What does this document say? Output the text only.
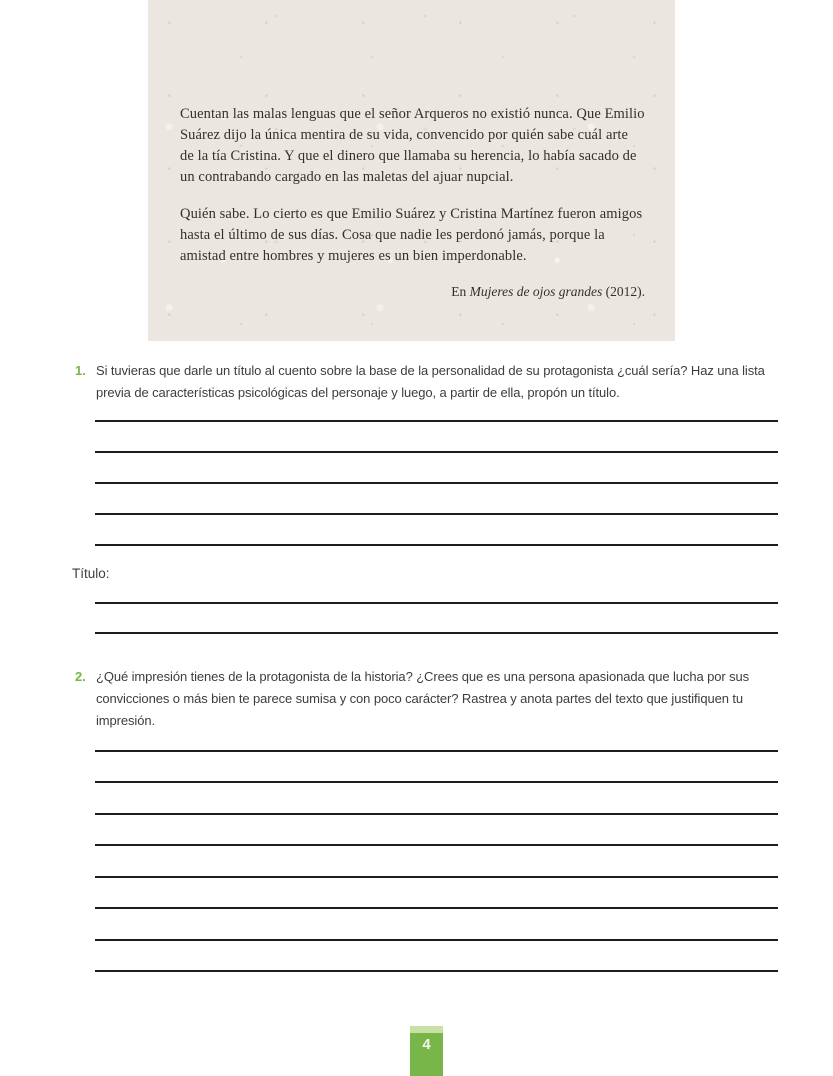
Cuentan las malas lenguas que el señor Arqueros no existió nunca. Que Emilio Suárez dijo la única mentira de su vida, convencido por quién sabe cuál arte de la tía Cristina. Y que el dinero que llamaba su herencia, lo había sacado de un contrabando cargado en las maletas del ajuar nupcial.

Quién sabe. Lo cierto es que Emilio Suárez y Cristina Martínez fueron amigos hasta el último de sus días. Cosa que nadie les perdonó jamás, porque la amistad entre hombres y mujeres es un bien imperdonable.

En Mujeres de ojos grandes (2012).

1. Si tuvieras que darle un título al cuento sobre la base de la personalidad de su protagonista ¿cuál sería? Haz una lista previa de características psicológicas del personaje y luego, a partir de ella, propón un título.

Título:
2. ¿Qué impresión tienes de la protagonista de la historia? ¿Crees que es una persona apasionada que lucha por sus convicciones o más bien te parece sumisa y con poco carácter? Rastrea y anota partes del texto que justifiquen tu impresión.

4
